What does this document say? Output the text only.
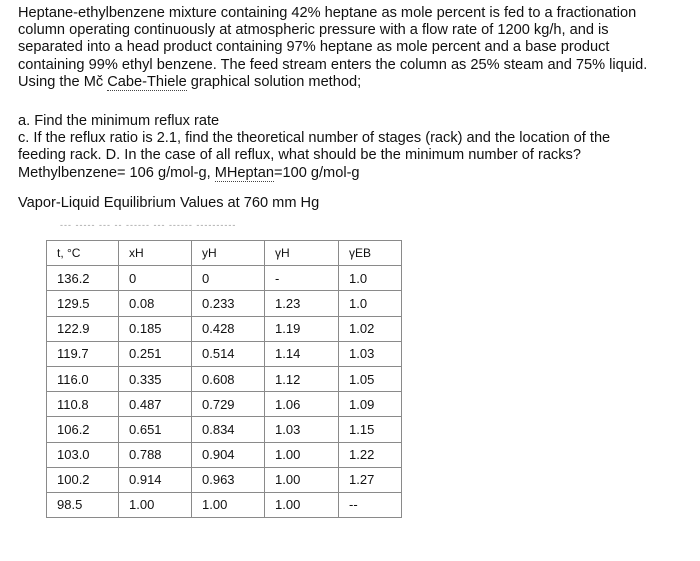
Heptane-ethylbenzene mixture containing 42% heptane as mole percent is fed to a fractionation
column operating continuously at atmospheric pressure with a flow rate of 1200 kg/h, and is
separated into a head product containing 97% heptane as mole percent and a base product
containing 99% ethyl benzene. The feed stream enters the column as 25% steam and 75% liquid.
Using the Mč Cabe-Thiele graphical solution method;
a. Find the minimum reflux rate
c. If the reflux ratio is 2.1, find the theoretical number of stages (rack) and the location of the
feeding rack. D. In the case of all reflux, what should be the minimum number of racks?
Methylbenzene= 106 g/mol-g, MHeptan=100 g/mol-g
Vapor-Liquid Equilibrium Values at 760 mm Hg
--- ----- --- -- ------ --- ------ ----------
t, °C	xH	yH	γH	γEB
136.2	0	0	-	1.0
129.5	0.08	0.233	1.23	1.0
122.9	0.185	0.428	1.19	1.02
119.7	0.251	0.514	1.14	1.03
116.0	0.335	0.608	1.12	1.05
110.8	0.487	0.729	1.06	1.09
106.2	0.651	0.834	1.03	1.15
103.0	0.788	0.904	1.00	1.22
100.2	0.914	0.963	1.00	1.27
98.5	1.00	1.00	1.00	--
